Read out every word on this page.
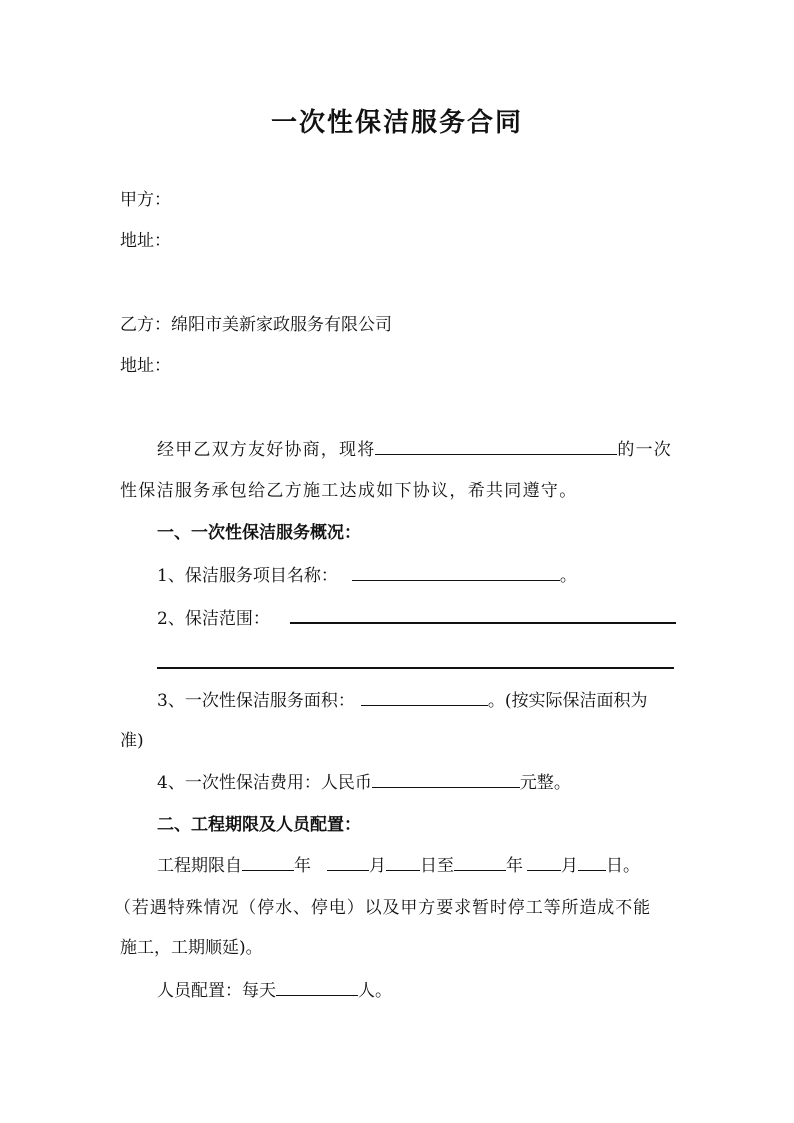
一次性保洁服务合同
甲方：
地址：
乙方：绵阳市美新家政服务有限公司
地址：
经甲乙双方友好协商，现将	的一次
性保洁服务承包给乙方施工达成如下协议，希共同遵守。
一、一次性保洁服务概况：
1、保洁服务项目名称：	。
2、保洁范围：
3、一次性保洁服务面积：	。(按实际保洁面积为
准)
4、一次性保洁费用：人民币	元整。
二、工程期限及人员配置：
工程期限自	年	月 日至	年 月 日。
（若遇特殊情况（停水、停电）以及甲方要求暂时停工等所造成不能
施工，工期顺延)。
人员配置：每天	人。
